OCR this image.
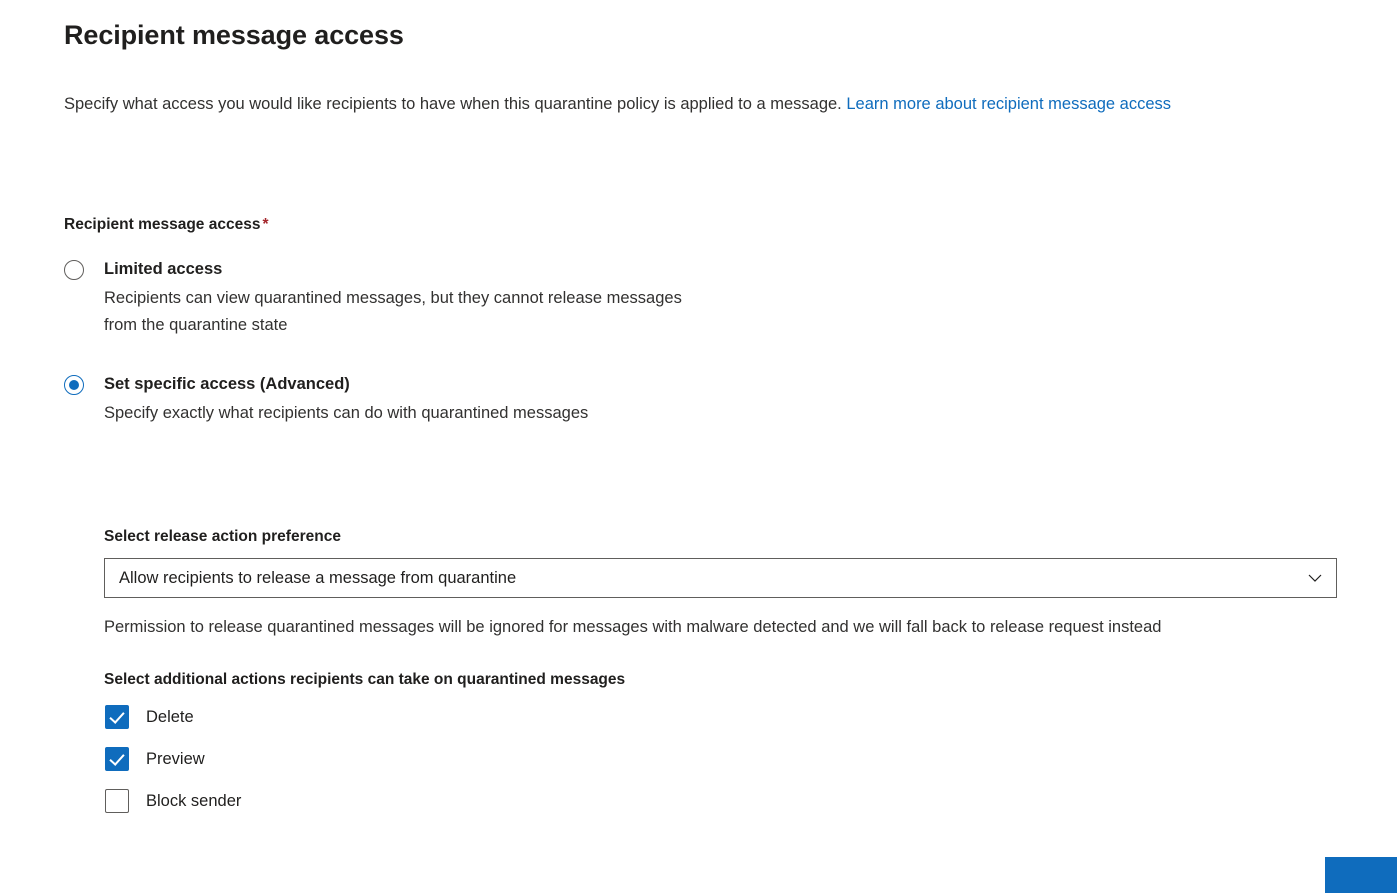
Recipient message access
Specify what access you would like recipients to have when this quarantine policy is applied to a message. Learn more about recipient message access
Recipient message access *
Limited access
Recipients can view quarantined messages, but they cannot release messages
from the quarantine state
Set specific access (Advanced)
Specify exactly what recipients can do with quarantined messages
Select release action preference
Allow recipients to release a message from quarantine
Permission to release quarantined messages will be ignored for messages with malware detected and we will fall back to release request instead
Select additional actions recipients can take on quarantined messages
Delete
Preview
Block sender
